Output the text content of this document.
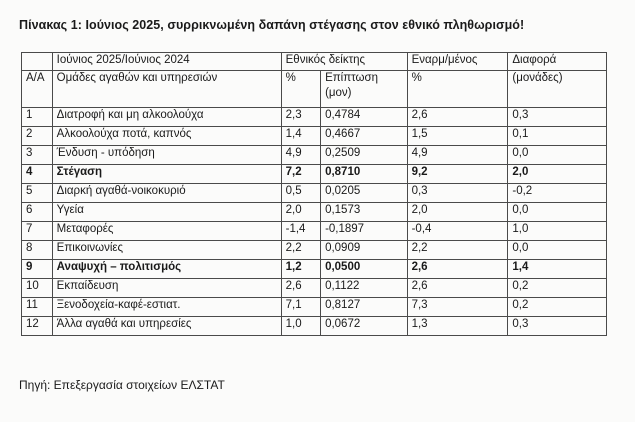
Πίνακας 1: Ιούνιος 2025, συρρικνωμένη δαπάνη στέγασης στον εθνικό πληθωρισμό!
	Ιούνιος 2025/Ιούνιος 2024	Εθνικός δείκτης		Εναρμ/μένος	Διαφορά
Α/Α	Ομάδες αγαθών και υπηρεσιών	%	Επίπτωση (μον)	%	(μονάδες)
1	Διατροφή και μη αλκοολούχα	2,3	0,4784	2,6	0,3
2	Αλκοολούχα ποτά, καπνός	1,4	0,4667	1,5	0,1
3	Ένδυση - υπόδηση	4,9	0,2509	4,9	0,0
4	Στέγαση	7,2	0,8710	9,2	2,0
5	Διαρκή αγαθά-νοικοκυριό	0,5	0,0205	0,3	-0,2
6	Υγεία	2,0	0,1573	2,0	0,0
7	Μεταφορές	-1,4	-0,1897	-0,4	1,0
8	Επικοινωνίες	2,2	0,0909	2,2	0,0
9	Αναψυχή – πολιτισμός	1,2	0,0500	2,6	1,4
10	Εκπαίδευση	2,6	0,1122	2,6	0,2
11	Ξενοδοχεία-καφέ-εστιατ.	7,1	0,8127	7,3	0,2
12	Άλλα αγαθά και υπηρεσίες	1,0	0,0672	1,3	0,3
Πηγή: Επεξεργασία στοιχείων ΕΛΣΤΑΤ
